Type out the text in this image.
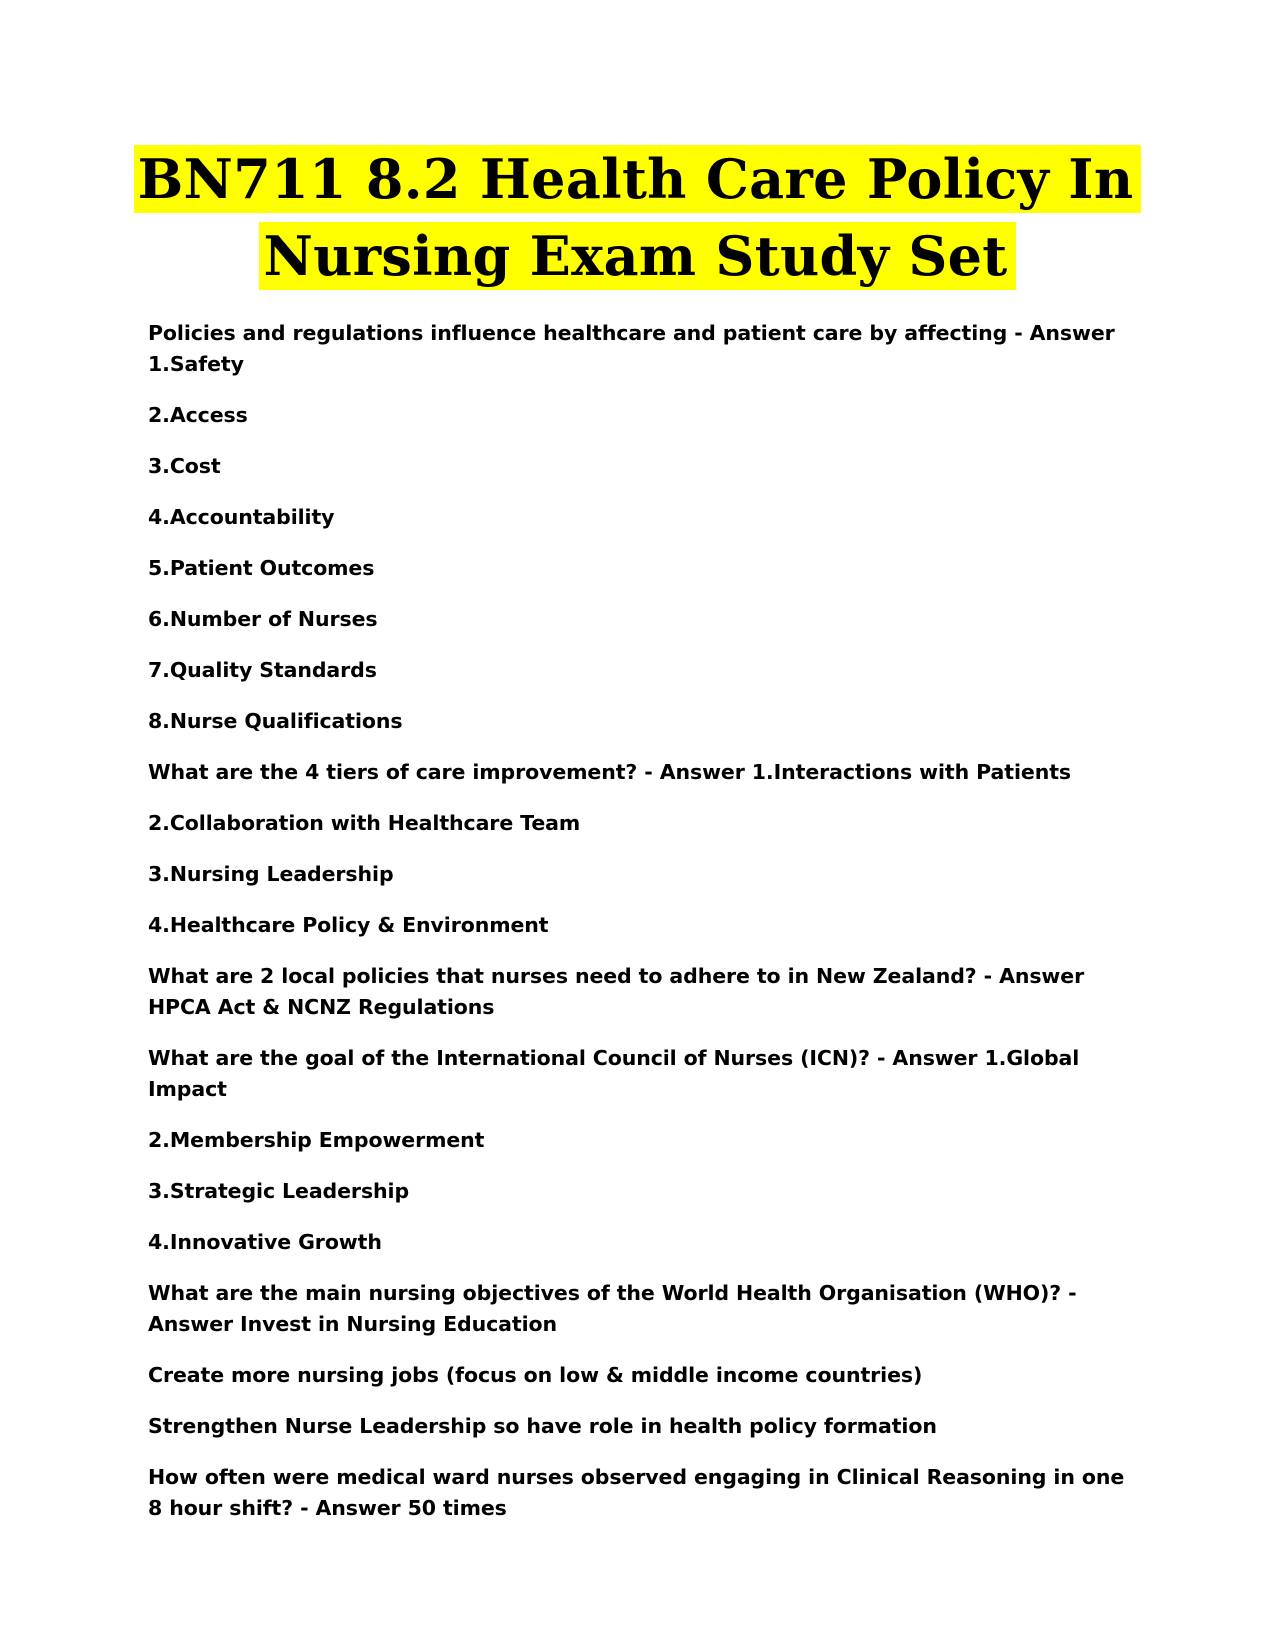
BN711 8.2 Health Care Policy In
Nursing Exam Study Set

Policies and regulations influence healthcare and patient care by affecting - Answer 1.Safety

2.Access

3.Cost

4.Accountability

5.Patient Outcomes

6.Number of Nurses

7.Quality Standards

8.Nurse Qualifications

What are the 4 tiers of care improvement? - Answer 1.Interactions with Patients

2.Collaboration with Healthcare Team

3.Nursing Leadership

4.Healthcare Policy & Environment

What are 2 local policies that nurses need to adhere to in New Zealand? - Answer HPCA Act & NCNZ Regulations

What are the goal of the International Council of Nurses (ICN)? - Answer 1.Global Impact

2.Membership Empowerment

3.Strategic Leadership

4.Innovative Growth

What are the main nursing objectives of the World Health Organisation (WHO)? - Answer Invest in Nursing Education

Create more nursing jobs (focus on low & middle income countries)

Strengthen Nurse Leadership so have role in health policy formation

How often were medical ward nurses observed engaging in Clinical Reasoning in one 8 hour shift? - Answer 50 times
